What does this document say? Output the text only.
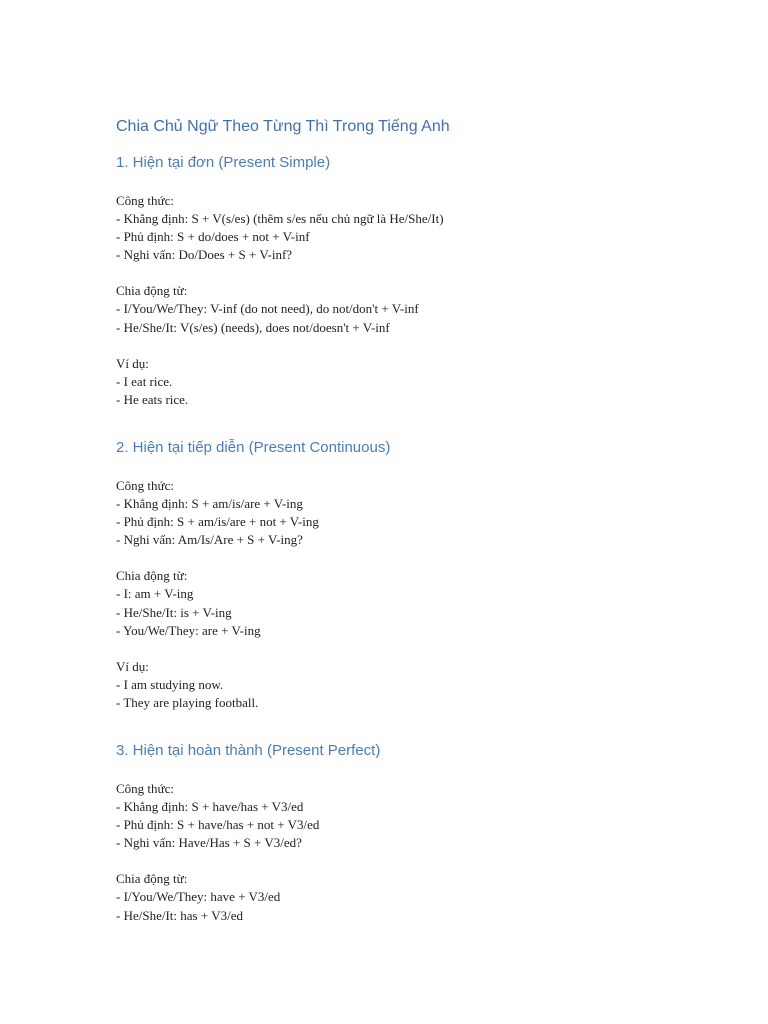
Chia Chủ Ngữ Theo Từng Thì Trong Tiếng Anh
1. Hiện tại đơn (Present Simple)
Công thức:
- Khẳng định: S + V(s/es) (thêm s/es nếu chủ ngữ là He/She/It)
- Phủ định: S + do/does + not + V-inf
- Nghi vấn: Do/Does + S + V-inf?
Chia động từ:
- I/You/We/They: V-inf (do not need), do not/don't + V-inf
- He/She/It: V(s/es) (needs), does not/doesn't + V-inf
Ví dụ:
- I eat rice.
- He eats rice.
2. Hiện tại tiếp diễn (Present Continuous)
Công thức:
- Khẳng định: S + am/is/are + V-ing
- Phủ định: S + am/is/are + not + V-ing
- Nghi vấn: Am/Is/Are + S + V-ing?
Chia động từ:
- I: am + V-ing
- He/She/It: is + V-ing
- You/We/They: are + V-ing
Ví dụ:
- I am studying now.
- They are playing football.
3. Hiện tại hoàn thành (Present Perfect)
Công thức:
- Khẳng định: S + have/has + V3/ed
- Phủ định: S + have/has + not + V3/ed
- Nghi vấn: Have/Has + S + V3/ed?
Chia động từ:
- I/You/We/They: have + V3/ed
- He/She/It: has + V3/ed
